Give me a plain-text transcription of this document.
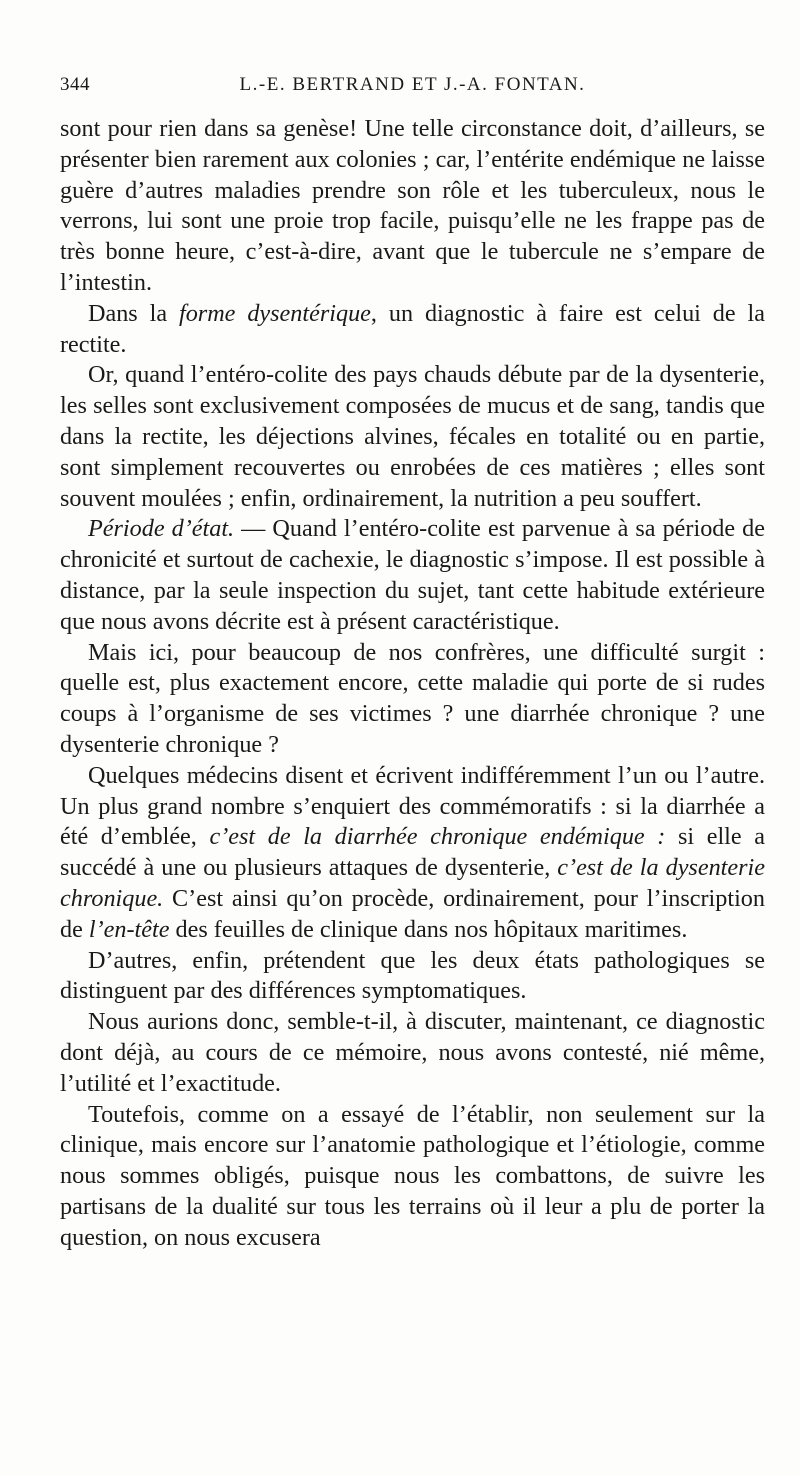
344	L.-E. BERTRAND ET J.-A. FONTAN.

sont pour rien dans sa genèse! Une telle circonstance doit, d’ailleurs, se présenter bien rarement aux colonies ; car, l’entérite endémique ne laisse guère d’autres maladies prendre son rôle et les tuberculeux, nous le verrons, lui sont une proie trop facile, puisqu’elle ne les frappe pas de très bonne heure, c’est-à-dire, avant que le tubercule ne s’empare de l’intestin.

Dans la forme dysentérique, un diagnostic à faire est celui de la rectite.

Or, quand l’entéro-colite des pays chauds débute par de la dysenterie, les selles sont exclusivement composées de mucus et de sang, tandis que dans la rectite, les déjections alvines, fécales en totalité ou en partie, sont simplement recouvertes ou enrobées de ces matières ; elles sont souvent moulées ; enfin, ordinairement, la nutrition a peu souffert.

Période d’état. — Quand l’entéro-colite est parvenue à sa période de chronicité et surtout de cachexie, le diagnostic s’impose. Il est possible à distance, par la seule inspection du sujet, tant cette habitude extérieure que nous avons décrite est à présent caractéristique.

Mais ici, pour beaucoup de nos confrères, une difficulté surgit : quelle est, plus exactement encore, cette maladie qui porte de si rudes coups à l’organisme de ses victimes ? une diarrhée chronique ? une dysenterie chronique ?

Quelques médecins disent et écrivent indifféremment l’un ou l’autre. Un plus grand nombre s’enquiert des commémoratifs : si la diarrhée a été d’emblée, c’est de la diarrhée chronique endémique : si elle a succédé à une ou plusieurs attaques de dysenterie, c’est de la dysenterie chronique. C’est ainsi qu’on procède, ordinairement, pour l’inscription de l’en-tête des feuilles de clinique dans nos hôpitaux maritimes.

D’autres, enfin, prétendent que les deux états pathologiques se distinguent par des différences symptomatiques.

Nous aurions donc, semble-t-il, à discuter, maintenant, ce diagnostic dont déjà, au cours de ce mémoire, nous avons contesté, nié même, l’utilité et l’exactitude.

Toutefois, comme on a essayé de l’établir, non seulement sur la clinique, mais encore sur l’anatomie pathologique et l’étiologie, comme nous sommes obligés, puisque nous les combattons, de suivre les partisans de la dualité sur tous les terrains où il leur a plu de porter la question, on nous excusera
